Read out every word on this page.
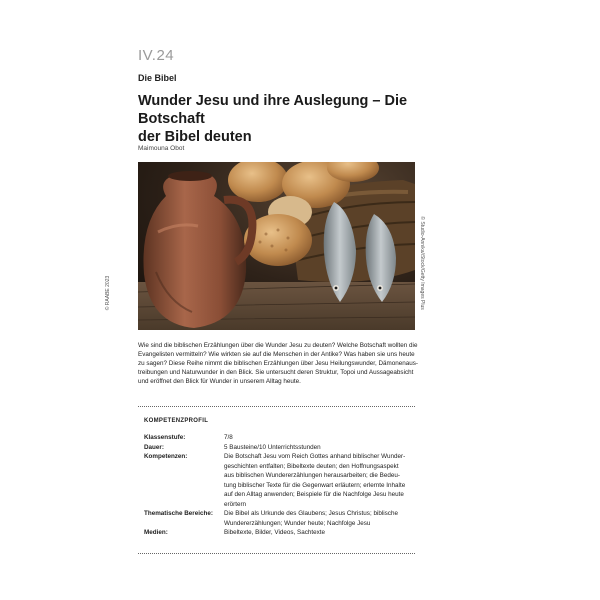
© RAABE 2023	© Studio-Annika/iStock/Getty Images Plus
IV.24
Die Bibel
Wunder Jesu und ihre Auslegung – Die Botschaft
der Bibel deuten
Maimouna Obot

Wie sind die biblischen Erzählungen über die Wunder Jesu zu deuten? Welche Botschaft wollten die
Evangelisten vermitteln? Wie wirkten sie auf die Menschen in der Antike? Was haben sie uns heute
zu sagen? Diese Reihe nimmt die biblischen Erzählungen über Jesu Heilungswunder, Dämonenaus-
treibungen und Naturwunder in den Blick. Sie untersucht deren Struktur, Topoi und Aussageabsicht
und eröffnet den Blick für Wunder in unserem Alltag heute.

KOMPETENZPROFIL
Klassenstufe:	7/8
Dauer:	5 Bausteine/10 Unterrichtsstunden
Kompetenzen:	Die Botschaft Jesu vom Reich Gottes anhand biblischer Wunder-
geschichten entfalten; Bibeltexte deuten; den Hoffnungsaspekt
aus biblischen Wundererzählungen herausarbeiten; die Bedeu-
tung biblischer Texte für die Gegenwart erläutern; erlernte Inhalte
auf den Alltag anwenden; Beispiele für die Nachfolge Jesu heute
erörtern
Thematische Bereiche:	Die Bibel als Urkunde des Glaubens; Jesus Christus; biblische
Wundererzählungen; Wunder heute; Nachfolge Jesu
Medien:	Bibeltexte, Bilder, Videos, Sachtexte
